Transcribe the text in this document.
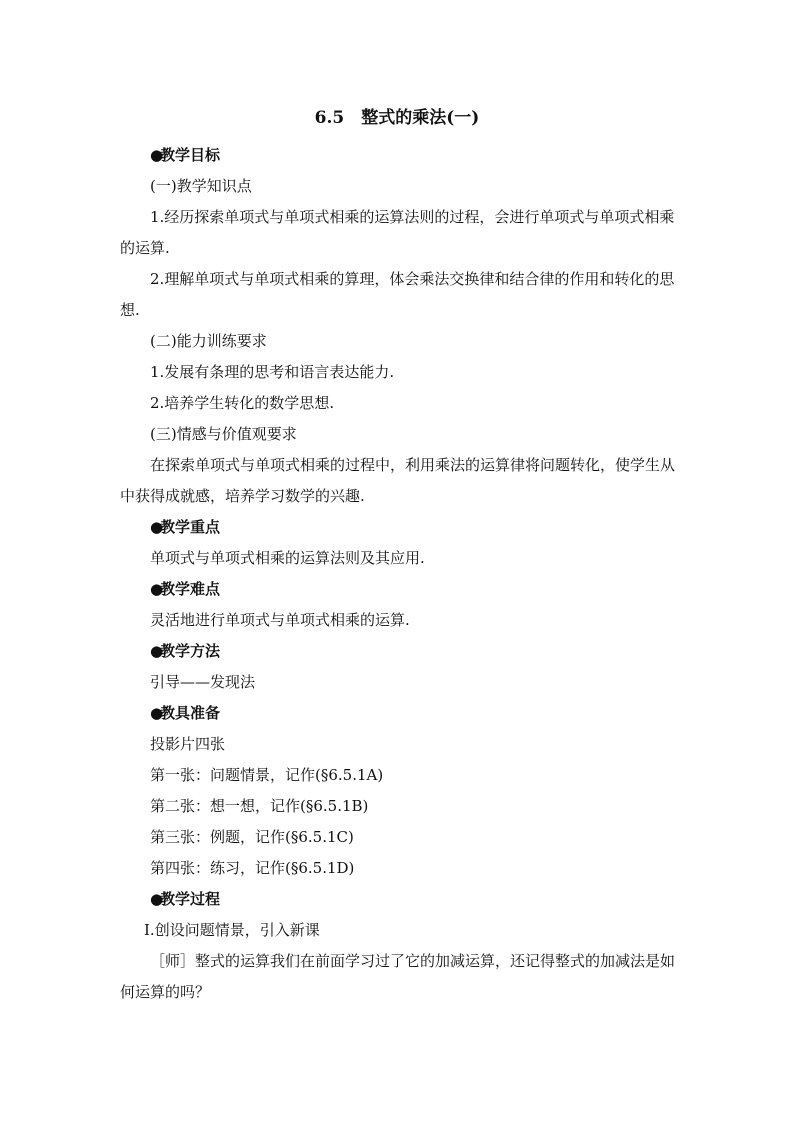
6.5　整式的乘法(一)

●教学目标

(一)教学知识点

1.经历探索单项式与单项式相乘的运算法则的过程，会进行单项式与单项式相乘的运算.

2.理解单项式与单项式相乘的算理，体会乘法交换律和结合律的作用和转化的思想.

(二)能力训练要求

1.发展有条理的思考和语言表达能力.

2.培养学生转化的数学思想.

(三)情感与价值观要求

在探索单项式与单项式相乘的过程中，利用乘法的运算律将问题转化，使学生从中获得成就感，培养学习数学的兴趣.

●教学重点

单项式与单项式相乘的运算法则及其应用.

●教学难点

灵活地进行单项式与单项式相乘的运算.

●教学方法

引导——发现法

●教具准备

投影片四张

第一张：问题情景，记作(§6.5.1A)

第二张：想一想，记作(§6.5.1B)

第三张：例题，记作(§6.5.1C)

第四张：练习，记作(§6.5.1D)

●教学过程

Ⅰ.创设问题情景，引入新课

［师］整式的运算我们在前面学习过了它的加减运算，还记得整式的加减法是如何运算的吗？
